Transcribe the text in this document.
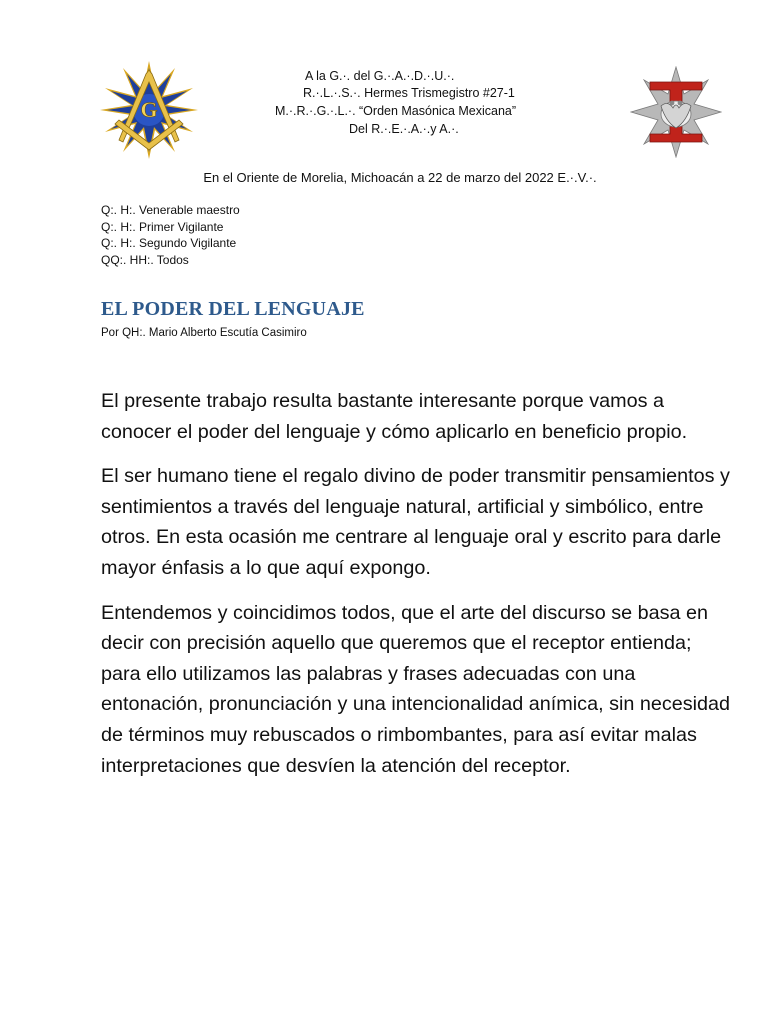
G
A la G.·. del G.·.A.·.D.·.U.·.
R.·.L.·.S.·. Hermes Trismegistro #27-1
M.·.R.·.G.·.L.·. “Orden Masónica Mexicana”
Del R.·.E.·.A.·.y A.·.
En el Oriente de Morelia, Michoacán a 22 de marzo del 2022 E.·.V.·.
Q:. H:. Venerable maestro
Q:. H:. Primer Vigilante
Q:. H:. Segundo Vigilante
QQ:. HH:. Todos
EL PODER DEL LENGUAJE
Por QH:. Mario Alberto Escutía Casimiro

El presente trabajo resulta bastante interesante porque vamos a conocer el poder del lenguaje y cómo aplicarlo en beneficio propio.

El ser humano tiene el regalo divino de poder transmitir pensamientos y sentimientos a través del lenguaje natural, artificial y simbólico, entre otros. En esta ocasión me centrare al lenguaje oral y escrito para darle mayor énfasis a lo que aquí expongo.

Entendemos y coincidimos todos, que el arte del discurso se basa en decir con precisión aquello que queremos que el receptor entienda; para ello utilizamos las palabras y frases adecuadas con una entonación, pronunciación y una intencionalidad anímica, sin necesidad de términos muy rebuscados o rimbombantes, para así evitar malas interpretaciones que desvíen la atención del receptor.
